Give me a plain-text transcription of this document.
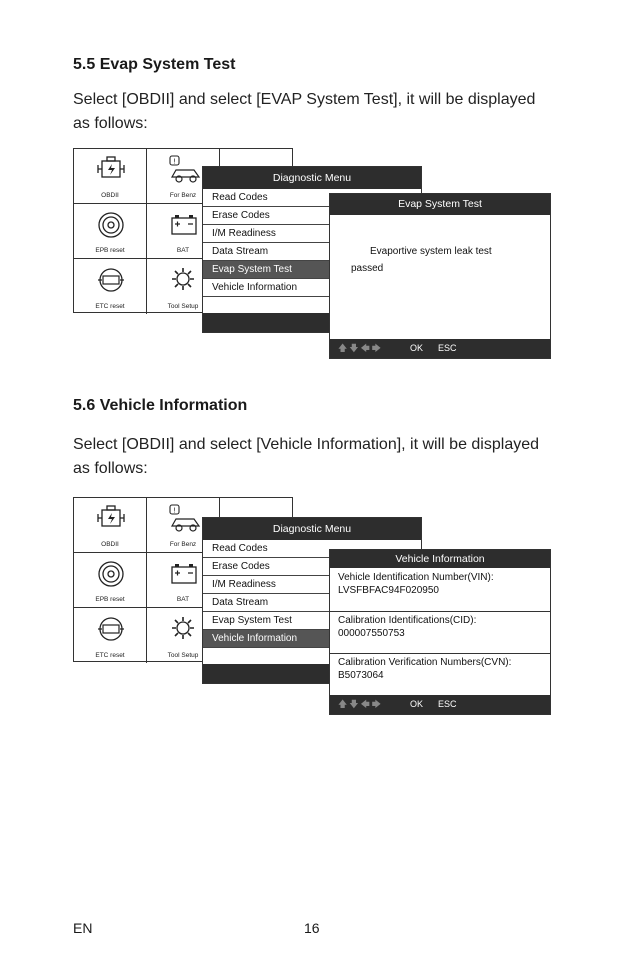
5.5 Evap System Test
Select [OBDII] and select [EVAP System Test], it will be displayed
as follows:
OBDII
!
For Benz
EPB reset	BAT
ETC reset	Tool Setup
Diagnostic Menu
Read Codes
Erase Codes
I/M Readiness
Data Stream
Evap System Test
Vehicle Information
Evap System Test
Evaportive system leak test
passed
🡅🡇🡄🡆	OK ESC
5.6 Vehicle Information
Select [OBDII] and select [Vehicle Information], it will be displayed
as follows:
OBDII
!
For Benz
EPB reset	BAT
ETC reset	Tool Setup
Diagnostic Menu
Read Codes
Erase Codes
I/M Readiness
Data Stream
Evap System Test
Vehicle Information
Vehicle Information
Vehicle Identification Number(VIN):
LVSFBFAC94F020950
Calibration Identifications(CID):
000007550753
Calibration Verification Numbers(CVN):
B5073064
🡅🡇🡄🡆	OK ESC
EN	16
